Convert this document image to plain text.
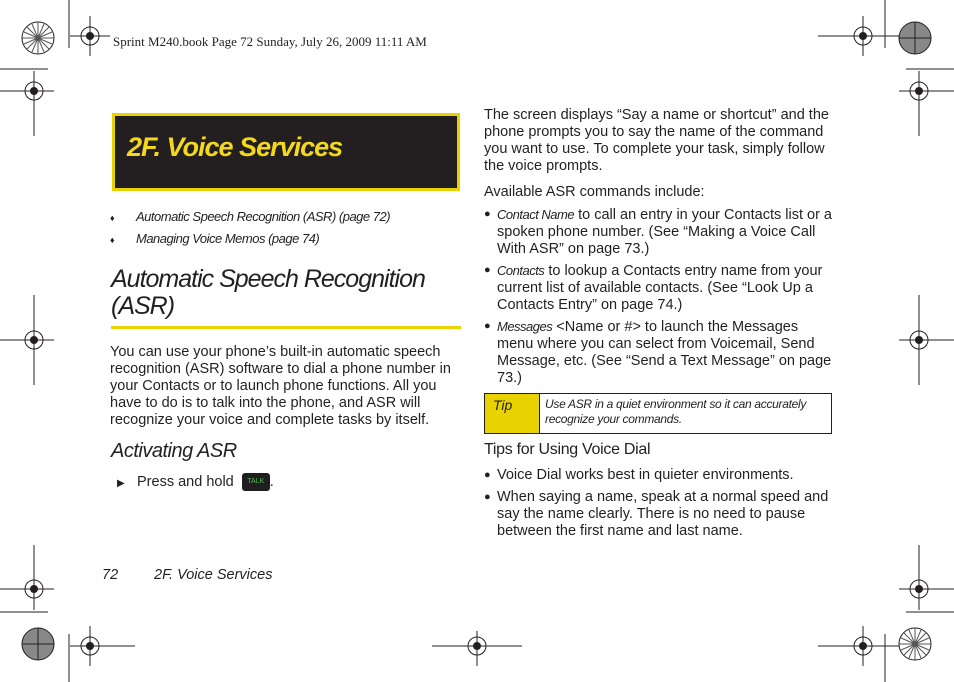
Sprint M240.book Page 72 Sunday, July 26, 2009 11:11 AM
2F. Voice Services
♦ Automatic Speech Recognition (ASR) (page 72)
♦ Managing Voice Memos (page 74)
Automatic Speech Recognition (ASR)
You can use your phone’s built-in automatic speech recognition (ASR) software to dial a phone number in your Contacts or to launch phone functions. All you have to do is to talk into the phone, and ASR will recognize your voice and complete tasks by itself.
Activating ASR
▶ Press and hold TALK .
72 2F. Voice Services
The screen displays “Say a name or shortcut” and the phone prompts you to say the name of the command you want to use. To complete your task, simply follow the voice prompts.
Available ASR commands include:
● Contact Name to call an entry in your Contacts list or a spoken phone number. (See “Making a Voice Call With ASR” on page 73.)
● Contacts to lookup a Contacts entry name from your current list of available contacts. (See “Look Up a Contacts Entry” on page 74.)
● Messages <Name or #> to launch the Messages menu where you can select from Voicemail, Send Message, etc. (See “Send a Text Message” on page 73.)
Tip	Use ASR in a quiet environment so it can accurately recognize your commands.
Tips for Using Voice Dial
● Voice Dial works best in quieter environments.
● When saying a name, speak at a normal speed and say the name clearly. There is no need to pause between the first name and last name.
